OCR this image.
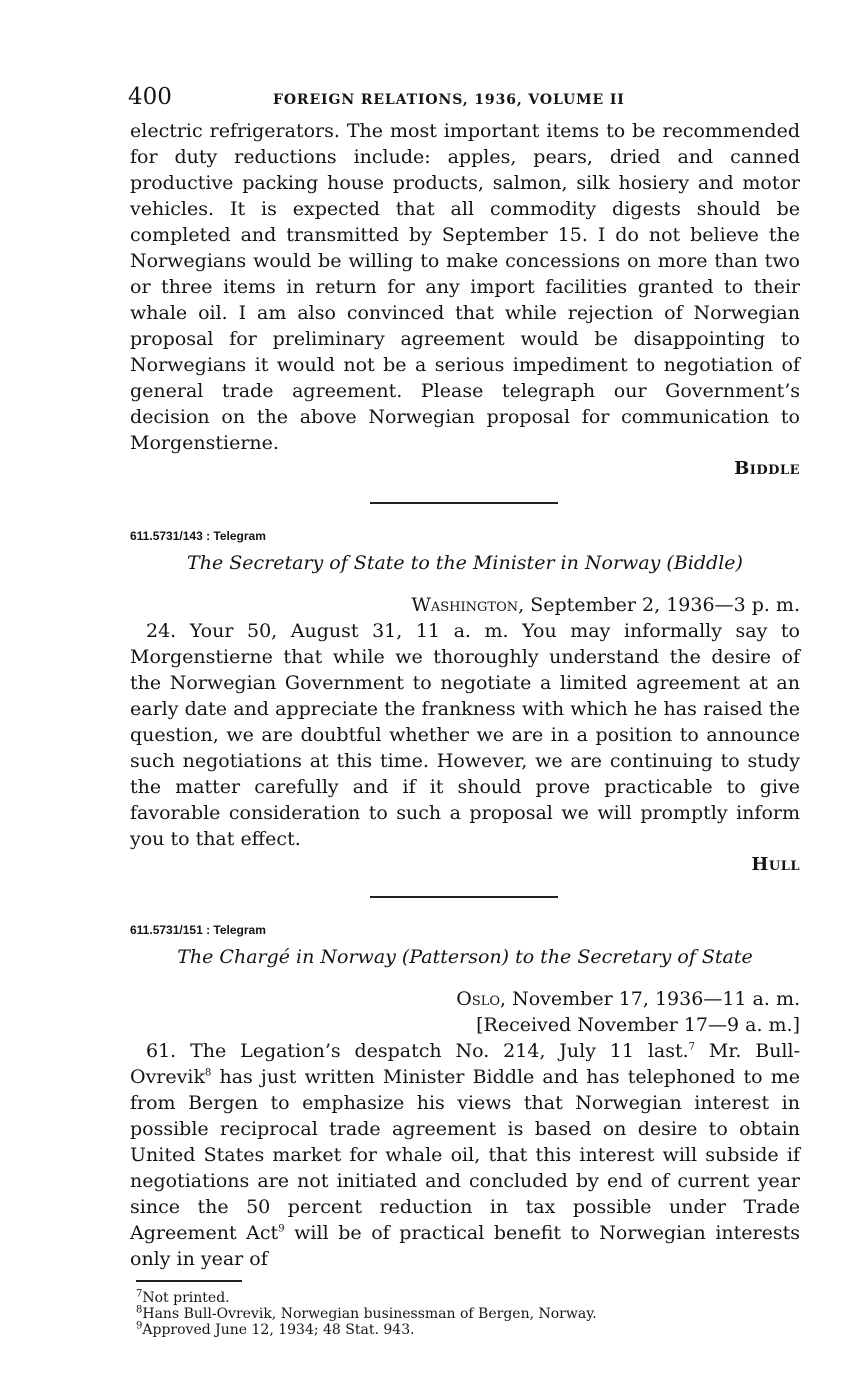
400	FOREIGN RELATIONS, 1936, VOLUME II

electric refrigerators. The most important items to be recommended for duty reductions include: apples, pears, dried and canned productive packing house products, salmon, silk hosiery and motor vehicles. It is expected that all commodity digests should be completed and transmitted by September 15. I do not believe the Norwegians would be willing to make concessions on more than two or three items in return for any import facilities granted to their whale oil. I am also convinced that while rejection of Norwegian proposal for preliminary agreement would be disappointing to Norwegians it would not be a serious impediment to negotiation of general trade agreement. Please telegraph our Government’s decision on the above Norwegian proposal for communication to Morgenstierne.

Biddle

611.5731/143 : Telegram

The Secretary of State to the Minister in Norway (Biddle)

Washington, September 2, 1936—3 p. m.

24. Your 50, August 31, 11 a. m. You may informally say to Morgenstierne that while we thoroughly understand the desire of the Norwegian Government to negotiate a limited agreement at an early date and appreciate the frankness with which he has raised the question, we are doubtful whether we are in a position to announce such negotiations at this time. However, we are continuing to study the matter carefully and if it should prove practicable to give favorable consideration to such a proposal we will promptly inform you to that effect.

Hull

611.5731/151 : Telegram

The Chargé in Norway (Patterson) to the Secretary of State

Oslo, November 17, 1936—11 a. m.

[Received November 17—9 a. m.]

61. The Legation’s despatch No. 214, July 11 last.$^7$ Mr. Bull-Ovrevik$^8$ has just written Minister Biddle and has telephoned to me from Bergen to emphasize his views that Norwegian interest in possible reciprocal trade agreement is based on desire to obtain United States market for whale oil, that this interest will subside if negotiations are not initiated and concluded by end of current year since the 50 percent reduction in tax possible under Trade Agreement Act$^9$ will be of practical benefit to Norwegian interests only in year of

$^7$Not printed.
$^8$Hans Bull-Ovrevik, Norwegian businessman of Bergen, Norway.
$^9$Approved June 12, 1934; 48 Stat. 943.
